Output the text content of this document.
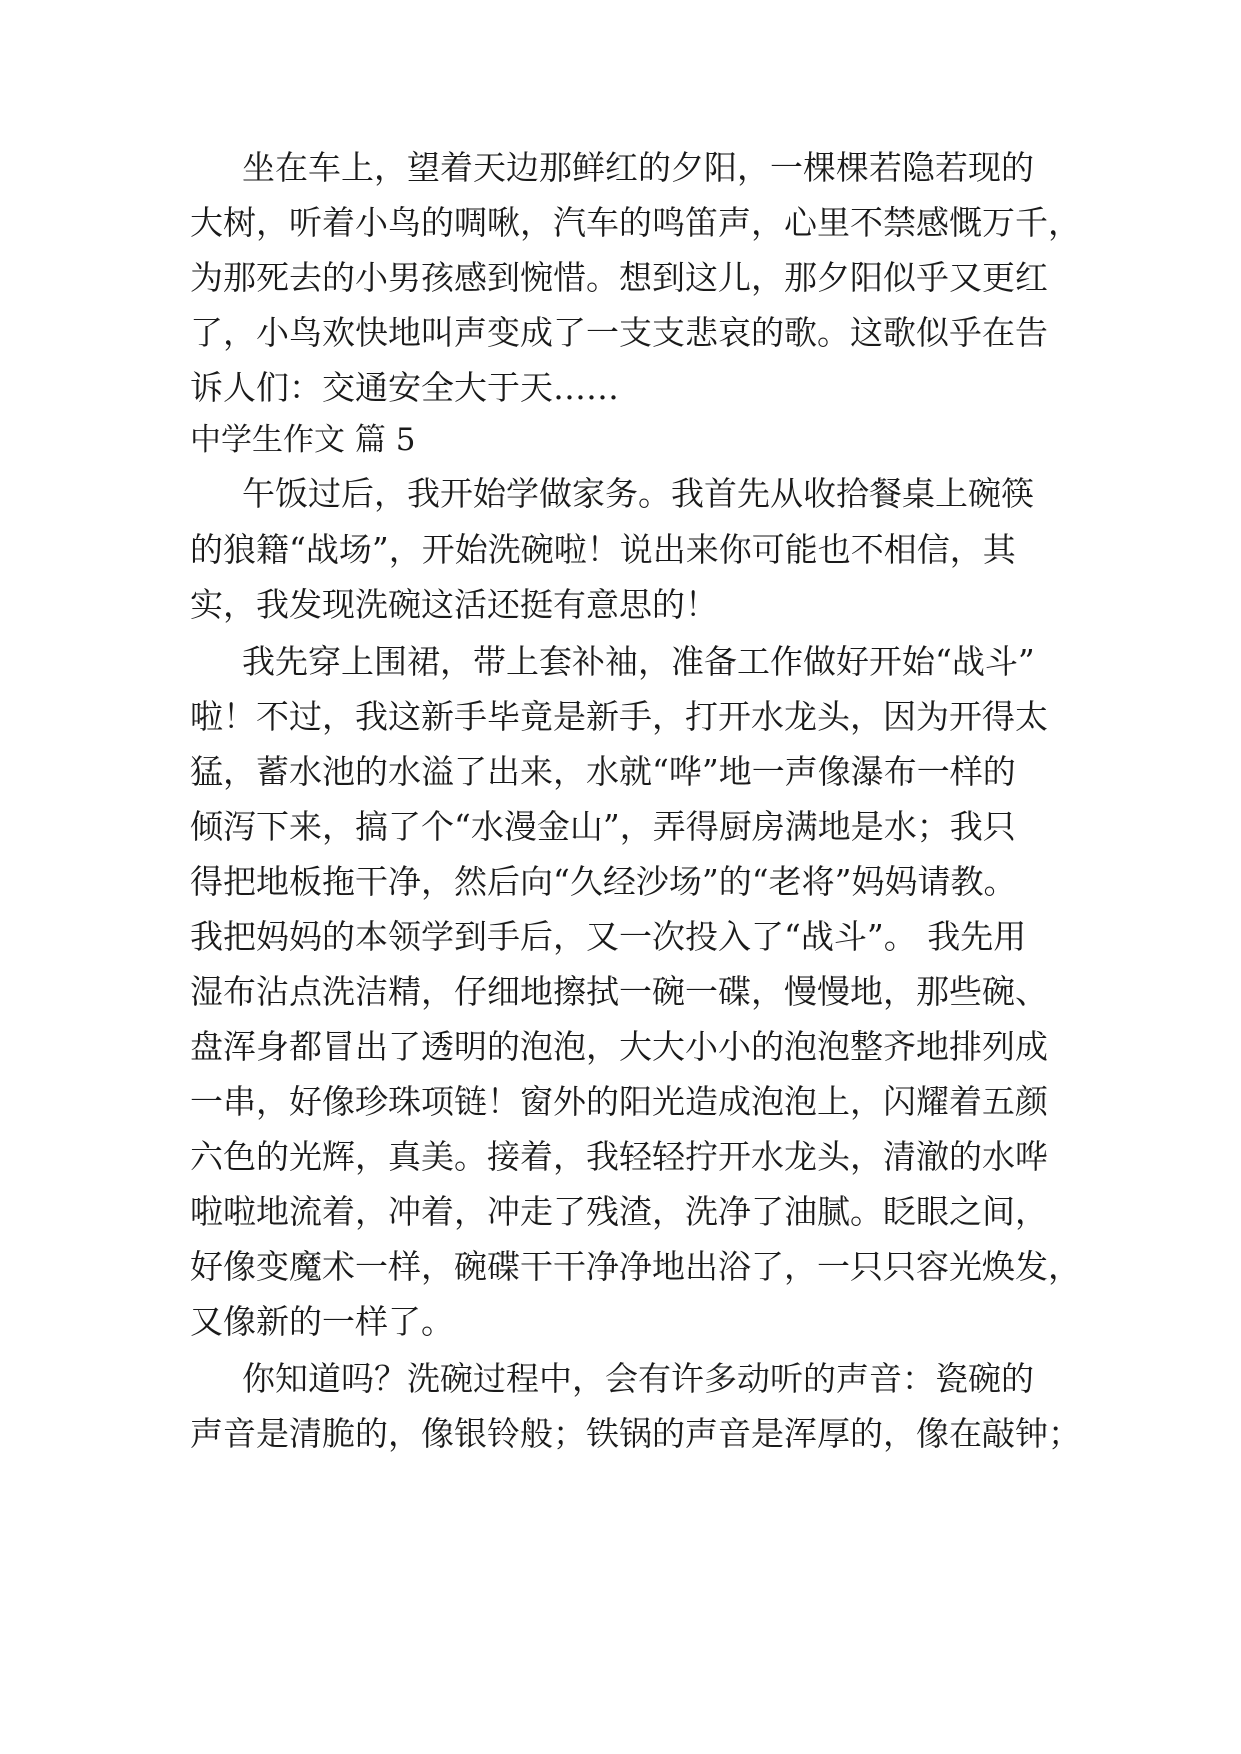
坐在车上，望着天边那鲜红的夕阳，一棵棵若隐若现的
大树，听着小鸟的啁啾，汽车的鸣笛声，心里不禁感慨万千，
为那死去的小男孩感到惋惜。想到这儿，那夕阳似乎又更红
了，小鸟欢快地叫声变成了一支支悲哀的歌。这歌似乎在告
诉人们：交通安全大于天……
中学生作文 篇 5
午饭过后，我开始学做家务。我首先从收拾餐桌上碗筷
的狼籍“战场”，开始洗碗啦！说出来你可能也不相信，其
实，我发现洗碗这活还挺有意思的！
我先穿上围裙，带上套补袖，准备工作做好开始“战斗”
啦！不过，我这新手毕竟是新手，打开水龙头，因为开得太
猛，蓄水池的水溢了出来，水就“哗”地一声像瀑布一样的
倾泻下来，搞了个“水漫金山”，弄得厨房满地是水；我只
得把地板拖干净，然后向“久经沙场”的“老将”妈妈请教。
我把妈妈的本领学到手后，又一次投入了“战斗”。 我先用
湿布沾点洗洁精，仔细地擦拭一碗一碟，慢慢地，那些碗、
盘浑身都冒出了透明的泡泡，大大小小的泡泡整齐地排列成
一串，好像珍珠项链！窗外的阳光造成泡泡上，闪耀着五颜
六色的光辉，真美。接着，我轻轻拧开水龙头，清澈的水哗
啦啦地流着，冲着，冲走了残渣，洗净了油腻。眨眼之间，
好像变魔术一样，碗碟干干净净地出浴了，一只只容光焕发，
又像新的一样了。
你知道吗？洗碗过程中，会有许多动听的声音：瓷碗的
声音是清脆的，像银铃般；铁锅的声音是浑厚的，像在敲钟；
